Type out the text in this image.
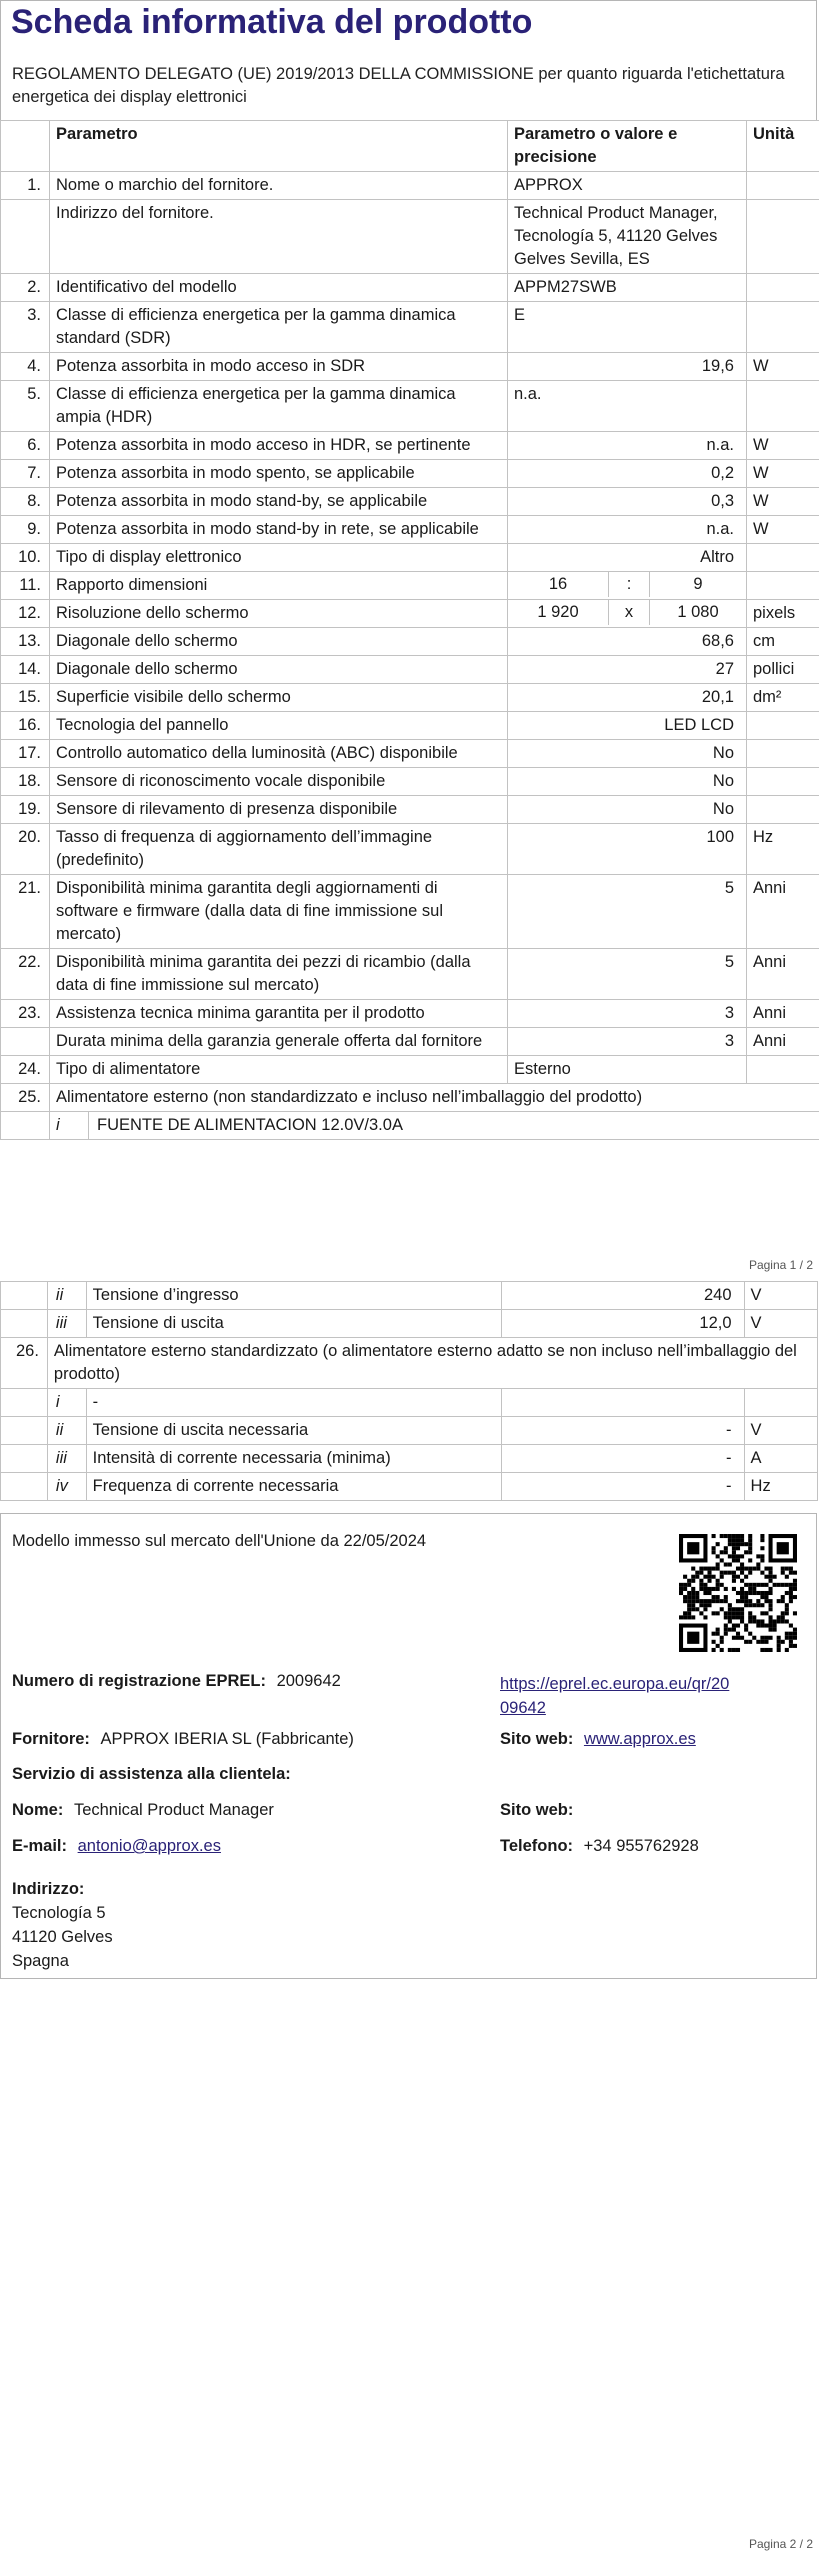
Scheda informativa del prodotto
REGOLAMENTO DELEGATO (UE) 2019/2013 DELLA COMMISSIONE per quanto riguarda l'etichettatura energetica dei display elettronici
	Parametro	Parametro o valore e precisione	Unità
1.	Nome o marchio del fornitore.	APPROX	
	Indirizzo del fornitore.	Technical Product Manager, Tecnología 5, 41120 Gelves Gelves Sevilla, ES	
2.	Identificativo del modello	APPM27SWB	
3.	Classe di efficienza energetica per la gamma dinamica standard (SDR)	E	
4.	Potenza assorbita in modo acceso in SDR	19,6	W
5.	Classe di efficienza energetica per la gamma dinamica ampia (HDR)	n.a.	
6.	Potenza assorbita in modo acceso in HDR, se pertinente	n.a.	W
7.	Potenza assorbita in modo spento, se applicabile	0,2	W
8.	Potenza assorbita in modo stand-by, se applicabile	0,3	W
9.	Potenza assorbita in modo stand-by in rete, se applicabile	n.a.	W
10.	Tipo di display elettronico	Altro	
11.	Rapporto dimensioni	16	:	9

12.	Risoluzione dello schermo	1 920	x	1 080	pixels
13.	Diagonale dello schermo	68,6	cm
14.	Diagonale dello schermo	27	pollici
15.	Superficie visibile dello schermo	20,1	dm²
16.	Tecnologia del pannello	LED LCD	
17.	Controllo automatico della luminosità (ABC) disponibile	No	
18.	Sensore di riconoscimento vocale disponibile	No	
19.	Sensore di rilevamento di presenza disponibile	No	
20.	Tasso di frequenza di aggiornamento dell’immagine (predefinito)	100	Hz
21.	Disponibilità minima garantita degli aggiornamenti di software e firmware (dalla data di fine immissione sul mercato)	5	Anni
22.	Disponibilità minima garantita dei pezzi di ricambio (dalla data di fine immissione sul mercato)	5	Anni
23.	Assistenza tecnica minima garantita per il prodotto	3	Anni
	Durata minima della garanzia generale offerta dal fornitore	3	Anni
24.	Tipo di alimentatore	Esterno	
25.	Alimentatore esterno (non standardizzato e incluso nell’imballaggio del prodotto)

i	FUENTE DE ALIMENTACION 12.0V/3.0A
Pagina 1 / 2
	ii	Tensione d’ingresso	240	V
	iii	Tensione di uscita	12,0	V
26.	Alimentatore esterno standardizzato (o alimentatore esterno adatto se non incluso nell’imballaggio del prodotto)			
	i	-		
	ii	Tensione di uscita necessaria	-	V
	iii	Intensità di corrente necessaria (minima)	-	A
	iv	Frequenza di corrente necessaria	-	Hz
Modello immesso sul mercato dell'Unione da 22/05/2024
Numero di registrazione EPREL: 2009642	https://eprel.ec.europa.eu/qr/20
09642
Fornitore: APPROX IBERIA SL (Fabbricante)	Sito web: www.approx.es
Servizio di assistenza alla clientela:
Nome: Technical Product Manager	Sito web:
E-mail: antonio@approx.es	Telefono: +34 955762928
Indirizzo:
Tecnología 5
41120 Gelves
Spagna
Pagina 2 / 2
